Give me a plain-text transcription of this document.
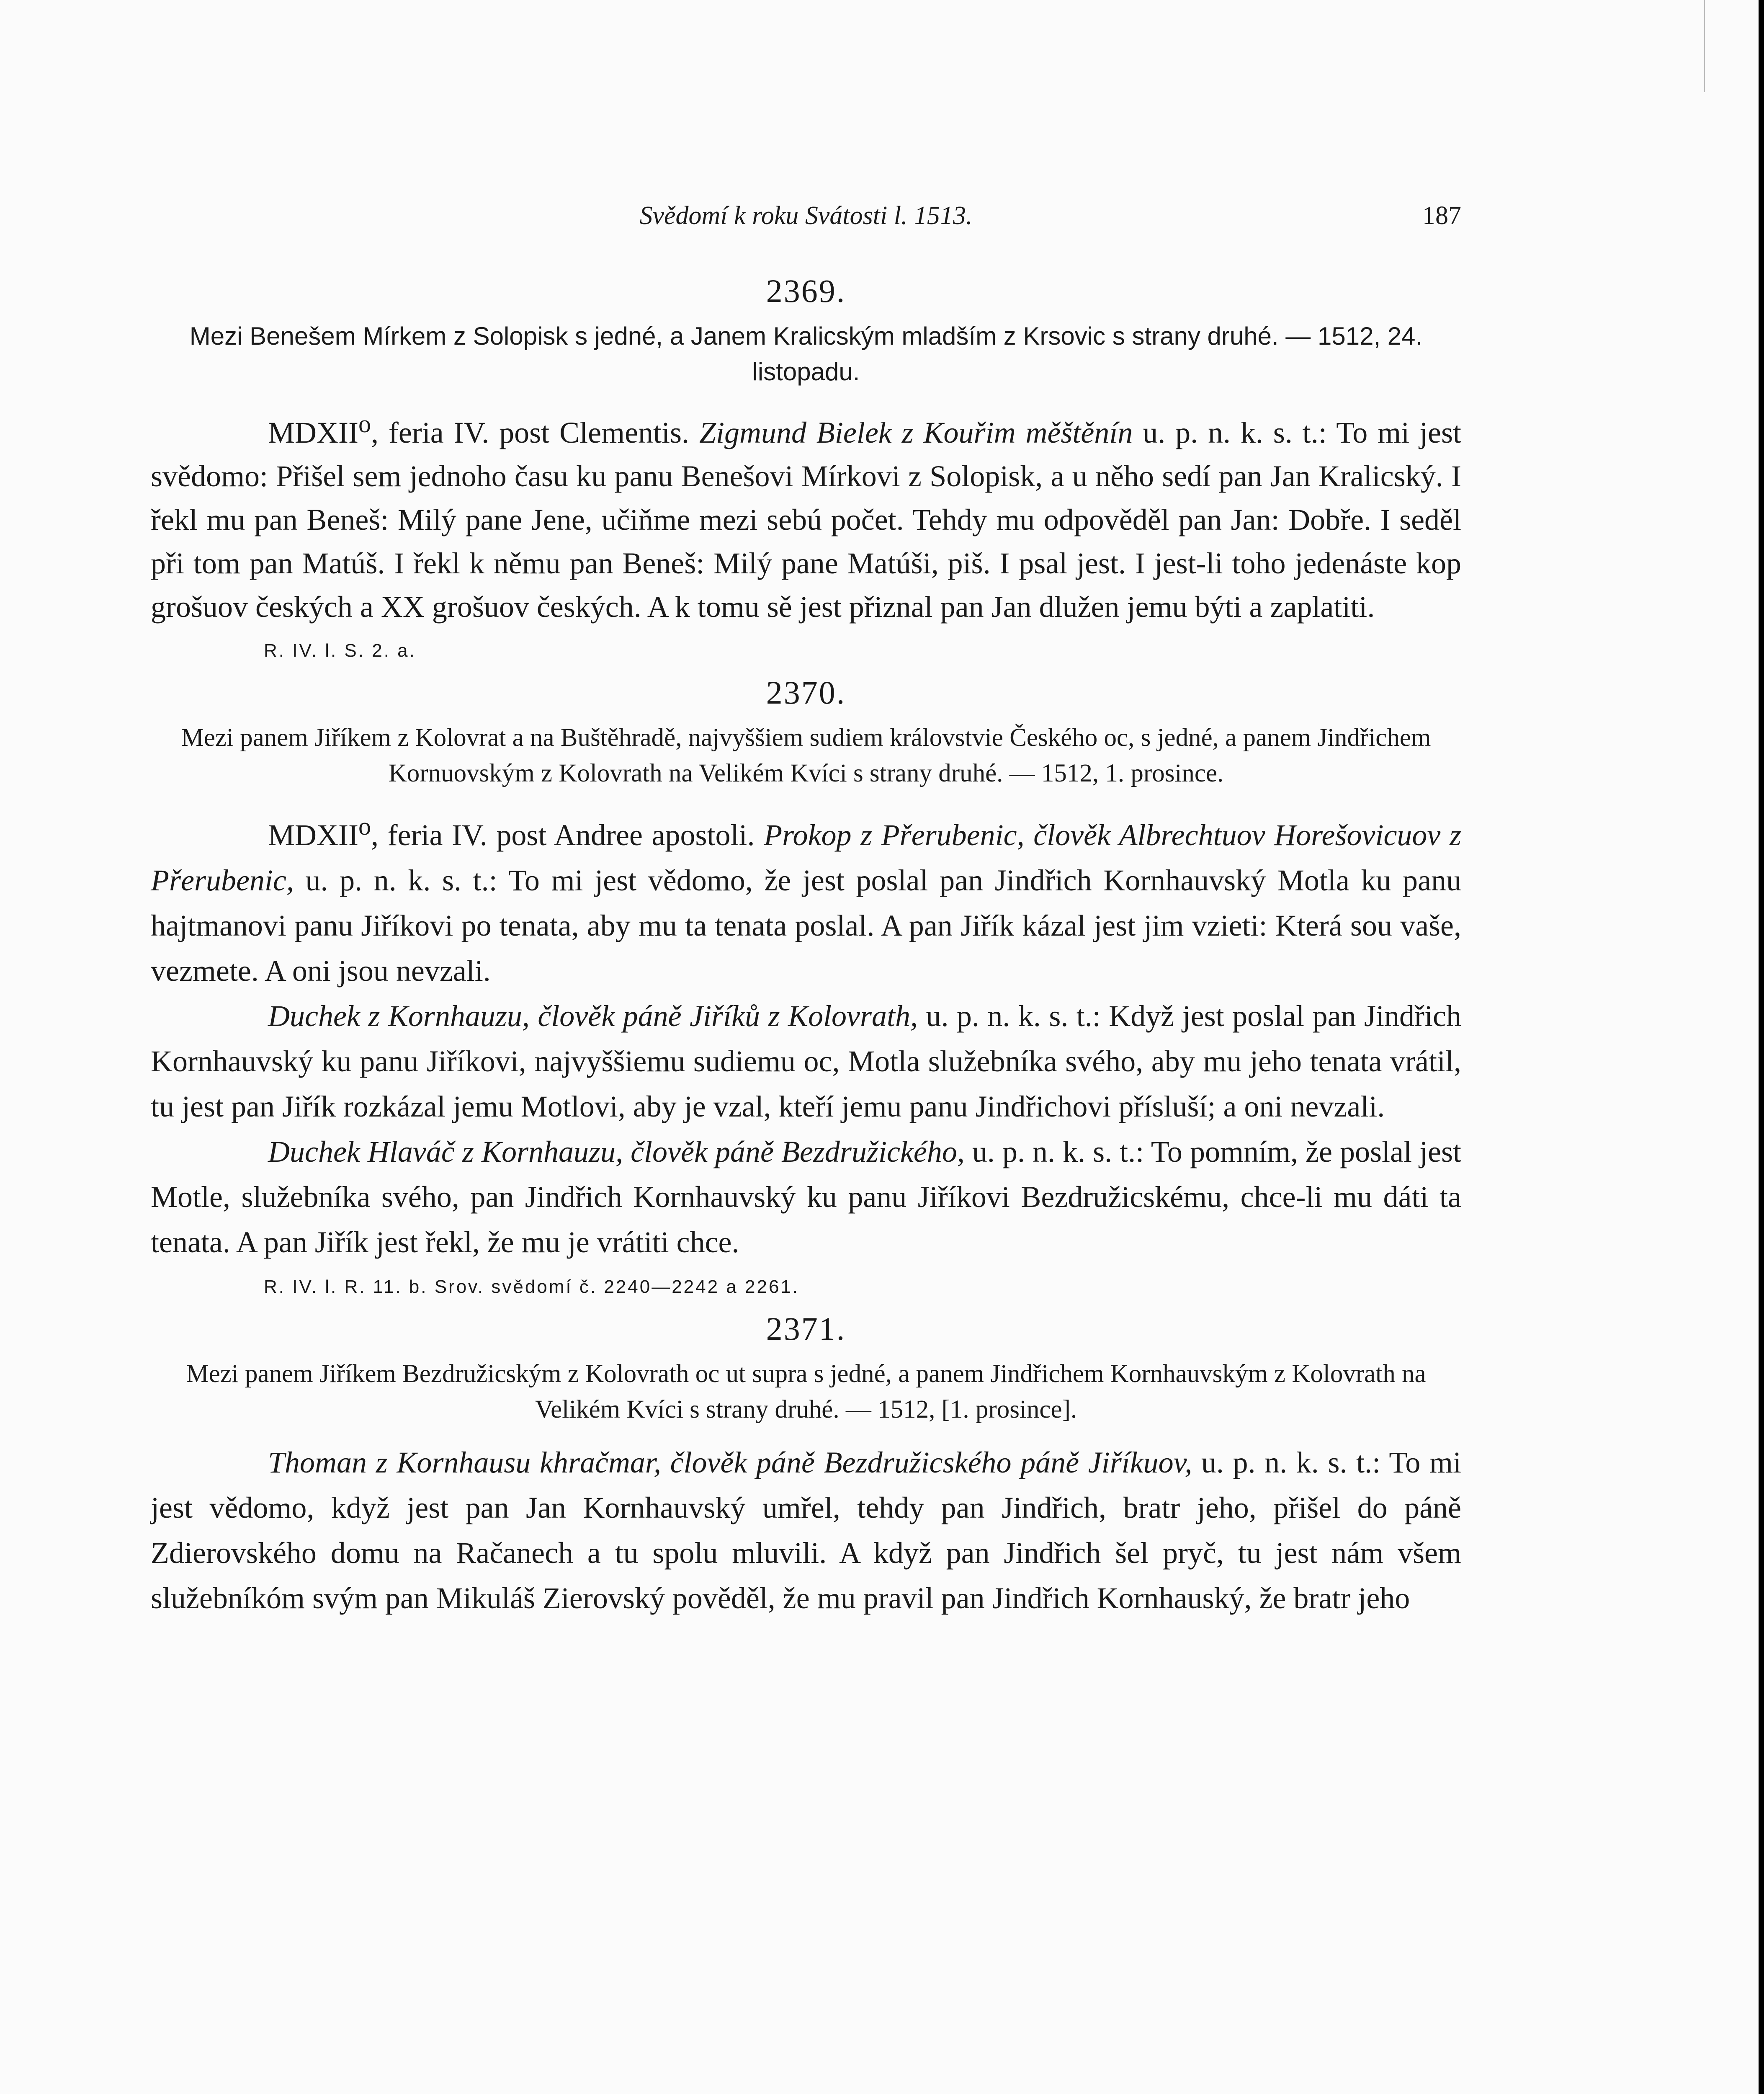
Svědomí k roku Svátosti l. 1513.	187
2369.

Mezi Benešem Mírkem z Solopisk s jedné, a Janem Kralicským mladším z Krsovic s strany druhé. — 1512, 24. listopadu.

MDXII$^o$, feria IV. post Clementis. Zigmund Bielek z Kouřim měštěnín u. p. n. k. s. t.: To mi jest svědomo: Přišel sem jednoho času ku panu Benešovi Mírkovi z Solopisk, a u něho sedí pan Jan Kralicský. I řekl mu pan Beneš: Milý pane Jene, učiňme mezi sebú počet. Tehdy mu odpověděl pan Jan: Dobře. I seděl při tom pan Matúš. I řekl k němu pan Beneš: Milý pane Matúši, piš. I psal jest. I jest-li toho jedenáste kop grošuov českých a XX grošuov českých. A k tomu sě jest přiznal pan Jan dlužen jemu býti a zaplatiti.

R. IV. l. S. 2. a.
2370.

Mezi panem Jiříkem z Kolovrat a na Buštěhradě, najvyššiem sudiem královstvie Českého oc, s jedné, a panem Jindřichem Kornuovským z Kolovrath na Velikém Kvíci s strany druhé. — 1512, 1. prosince.

MDXII$^o$, feria IV. post Andree apostoli. Prokop z Přerubenic, člověk Albrechtuov Horešovicuov z Přerubenic, u. p. n. k. s. t.: To mi jest vědomo, že jest poslal pan Jindřich Kornhauvský Motla ku panu hajtmanovi panu Jiříkovi po tenata, aby mu ta tenata poslal. A pan Jiřík kázal jest jim vzieti: Která sou vaše, vezmete. A oni jsou nevzali.

Duchek z Kornhauzu, člověk páně Jiříků z Kolovrath, u. p. n. k. s. t.: Když jest poslal pan Jindřich Kornhauvský ku panu Jiříkovi, najvyššiemu sudiemu oc, Motla služebníka svého, aby mu jeho tenata vrátil, tu jest pan Jiřík rozkázal jemu Motlovi, aby je vzal, kteří jemu panu Jindřichovi přísluší; a oni nevzali.

Duchek Hlaváč z Kornhauzu, člověk páně Bezdružického, u. p. n. k. s. t.: To pomním, že poslal jest Motle, služebníka svého, pan Jindřich Kornhauvský ku panu Jiříkovi Bezdružicskému, chce-li mu dáti ta tenata. A pan Jiřík jest řekl, že mu je vrátiti chce.

R. IV. l. R. 11. b. Srov. svědomí č. 2240—2242 a 2261.
2371.

Mezi panem Jiříkem Bezdružicským z Kolovrath oc ut supra s jedné, a panem Jindřichem Kornhauvským z Kolovrath na Velikém Kvíci s strany druhé. — 1512, [1. prosince].

Thoman z Kornhausu khračmar, člověk páně Bezdružicského páně Jiříkuov, u. p. n. k. s. t.: To mi jest vědomo, když jest pan Jan Kornhauvský umřel, tehdy pan Jindřich, bratr jeho, přišel do páně Zdierovského domu na Račanech a tu spolu mluvili. A když pan Jindřich šel pryč, tu jest nám všem služebníkóm svým pan Mikuláš Zierovský pověděl, že mu pravil pan Jindřich Kornhauský, že bratr jeho
